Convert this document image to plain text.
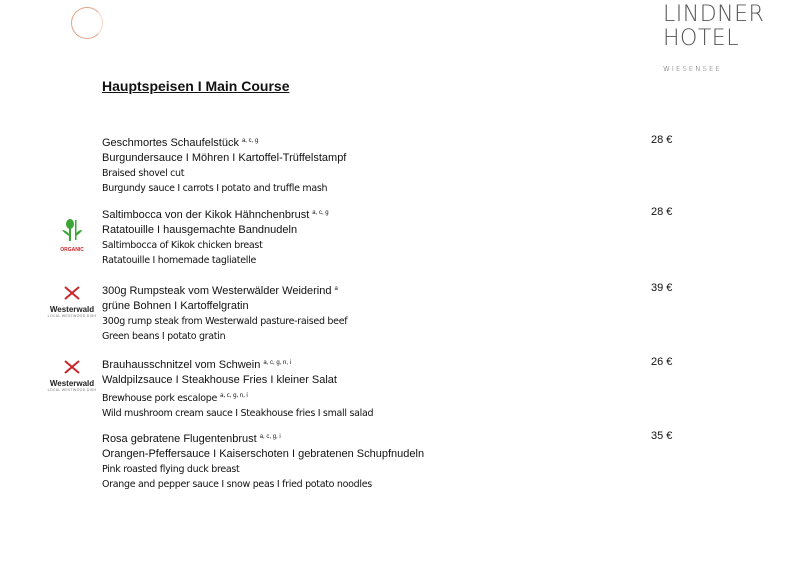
LINDNER
HOTEL
WIESENSEE
Hauptspeisen I Main Course
Geschmortes Schaufelstück $^{a, c, g}$
Burgundersauce I Möhren I Kartoffel-Trüffelstampf
Braised shovel cut
Burgundy sauce I carrots I potato and truffle mash
28 €
Saltimbocca von der Kikok Hähnchenbrust $^{a, c, g}$
Ratatouille I hausgemachte Bandnudeln
Saltimbocca of Kikok chicken breast
Ratatouille I homemade tagliatelle
28 €
ORGANIC
300g Rumpsteak vom Westerwälder Weiderind $^a$
grüne Bohnen I Kartoffelgratin
300g rump steak from Westerwald pasture-raised beef
Green beans I potato gratin
39 €
Westerwald
LOCAL WESTWOOD DISH
Brauhausschnitzel vom Schwein $^{a, c, g, n, i}$
Waldpilzsauce I Steakhouse Fries I kleiner Salat
Brewhouse pork escalope $^{a, c, g, n, i}$
Wild mushroom cream sauce I Steakhouse fries I small salad
26 €
Westerwald
LOCAL WESTWOOD DISH
Rosa gebratene Flugentenbrust $^{a, c, g, i}$
Orangen-Pfeffersauce I Kaiserschoten I gebratenen Schupfnudeln
Pink roasted flying duck breast
Orange and pepper sauce I snow peas I fried potato noodles
35 €
